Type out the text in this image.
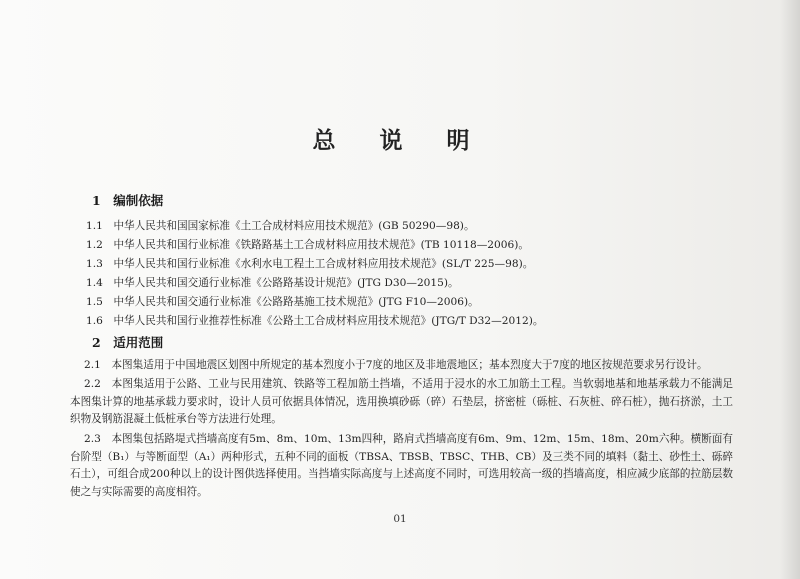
总 说 明
1　编制依据
1.1　中华人民共和国国家标准《土工合成材料应用技术规范》(GB 50290—98)。
1.2　中华人民共和国行业标准《铁路路基土工合成材料应用技术规范》(TB 10118—2006)。
1.3　中华人民共和国行业标准《水利水电工程土工合成材料应用技术规范》(SL/T 225—98)。
1.4　中华人民共和国交通行业标准《公路路基设计规范》(JTG D30—2015)。
1.5　中华人民共和国交通行业标准《公路路基施工技术规范》(JTG F10—2006)。
1.6　中华人民共和国行业推荐性标准《公路土工合成材料应用技术规范》(JTG/T D32—2012)。
2　适用范围
2.1　本图集适用于中国地震区划图中所规定的基本烈度小于7度的地区及非地震地区；基本烈度大于7度的地区按规范要求另行设计。
2.2　本图集适用于公路、工业与民用建筑、铁路等工程加筋土挡墙，不适用于浸水的水工加筋土工程。当软弱地基和地基承载力不能满足本图集计算的地基承载力要求时，设计人员可依据具体情况，选用换填砂砾（碎）石垫层，挤密桩（砾桩、石灰桩、碎石桩），抛石挤淤，土工织物及钢筋混凝土低桩承台等方法进行处理。
2.3　本图集包括路堤式挡墙高度有5m、8m、10m、13m四种，路肩式挡墙高度有6m、9m、12m、15m、18m、20m六种。横断面有台阶型（B₁）与等断面型（A₁）两种形式，五种不同的面板（TBSA、TBSB、TBSC、THB、CB）及三类不同的填料（黏土、砂性土、砾碎石土），可组合成200种以上的设计图供选择使用。当挡墙实际高度与上述高度不同时，可选用较高一级的挡墙高度，相应减少底部的拉筋层数使之与实际需要的高度相符。
01
